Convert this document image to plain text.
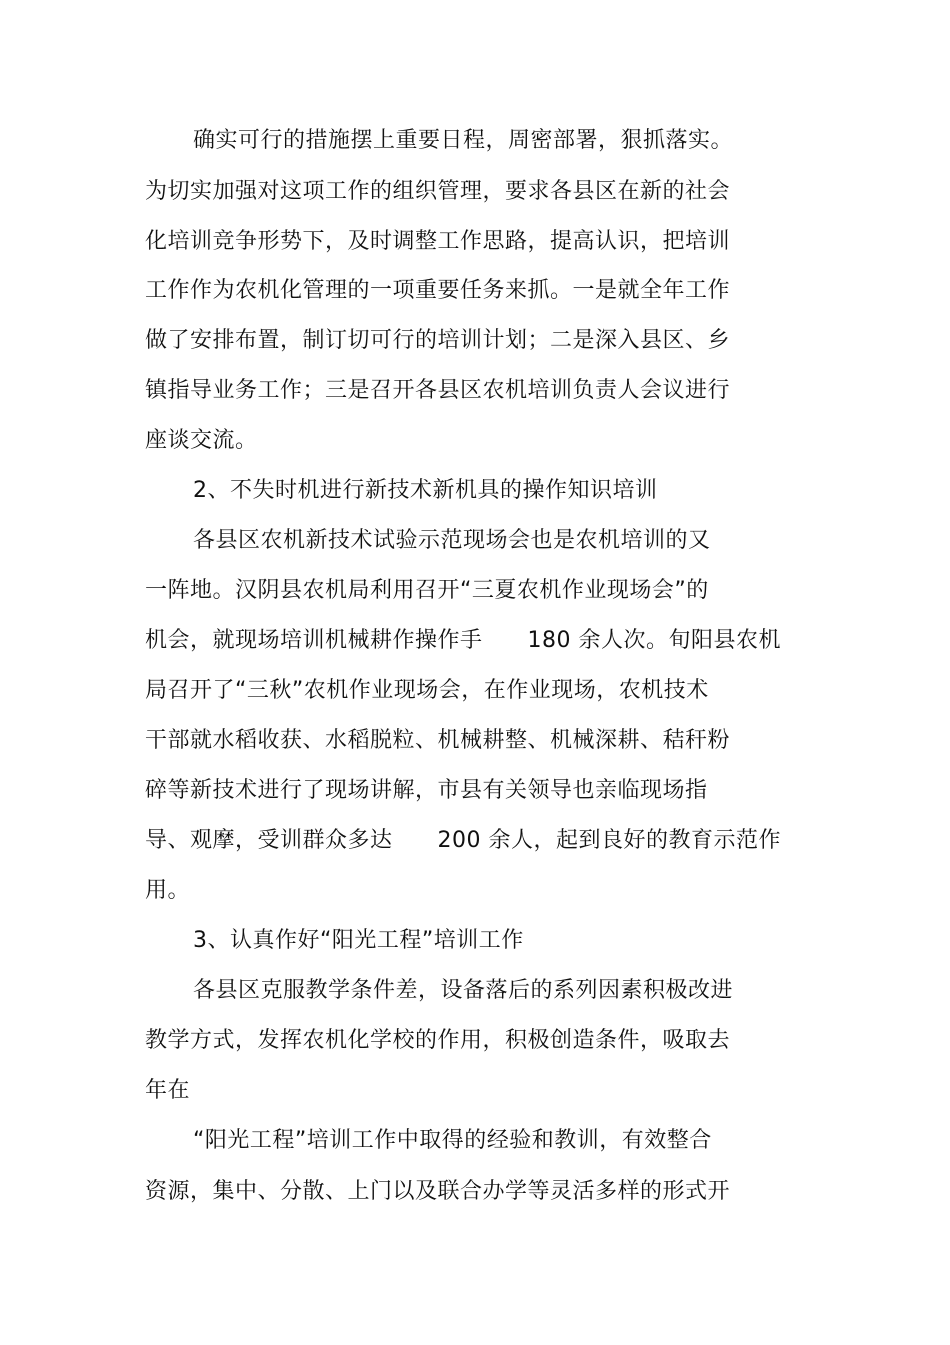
确实可行的措施摆上重要日程，周密部署，狠抓落实。
为切实加强对这项工作的组织管理，要求各县区在新的社会
化培训竞争形势下，及时调整工作思路，提高认识，把培训
工作作为农机化管理的一项重要任务来抓。一是就全年工作
做了安排布置，制订切可行的培训计划；二是深入县区、乡
镇指导业务工作；三是召开各县区农机培训负责人会议进行
座谈交流。
2、不失时机进行新技术新机具的操作知识培训
各县区农机新技术试验示范现场会也是农机培训的又
一阵地。汉阴县农机局利用召开“三夏农机作业现场会”的
机会，就现场培训机械耕作操作手　　180 余人次。旬阳县农机
局召开了“三秋”农机作业现场会，在作业现场，农机技术
干部就水稻收获、水稻脱粒、机械耕整、机械深耕、秸秆粉
碎等新技术进行了现场讲解，市县有关领导也亲临现场指
导、观摩，受训群众多达　　200 余人，起到良好的教育示范作
用。
3、认真作好“阳光工程”培训工作
各县区克服教学条件差，设备落后的系列因素积极改进
教学方式，发挥农机化学校的作用，积极创造条件，吸取去
年在
“阳光工程”培训工作中取得的经验和教训，有效整合
资源，集中、分散、上门以及联合办学等灵活多样的形式开
